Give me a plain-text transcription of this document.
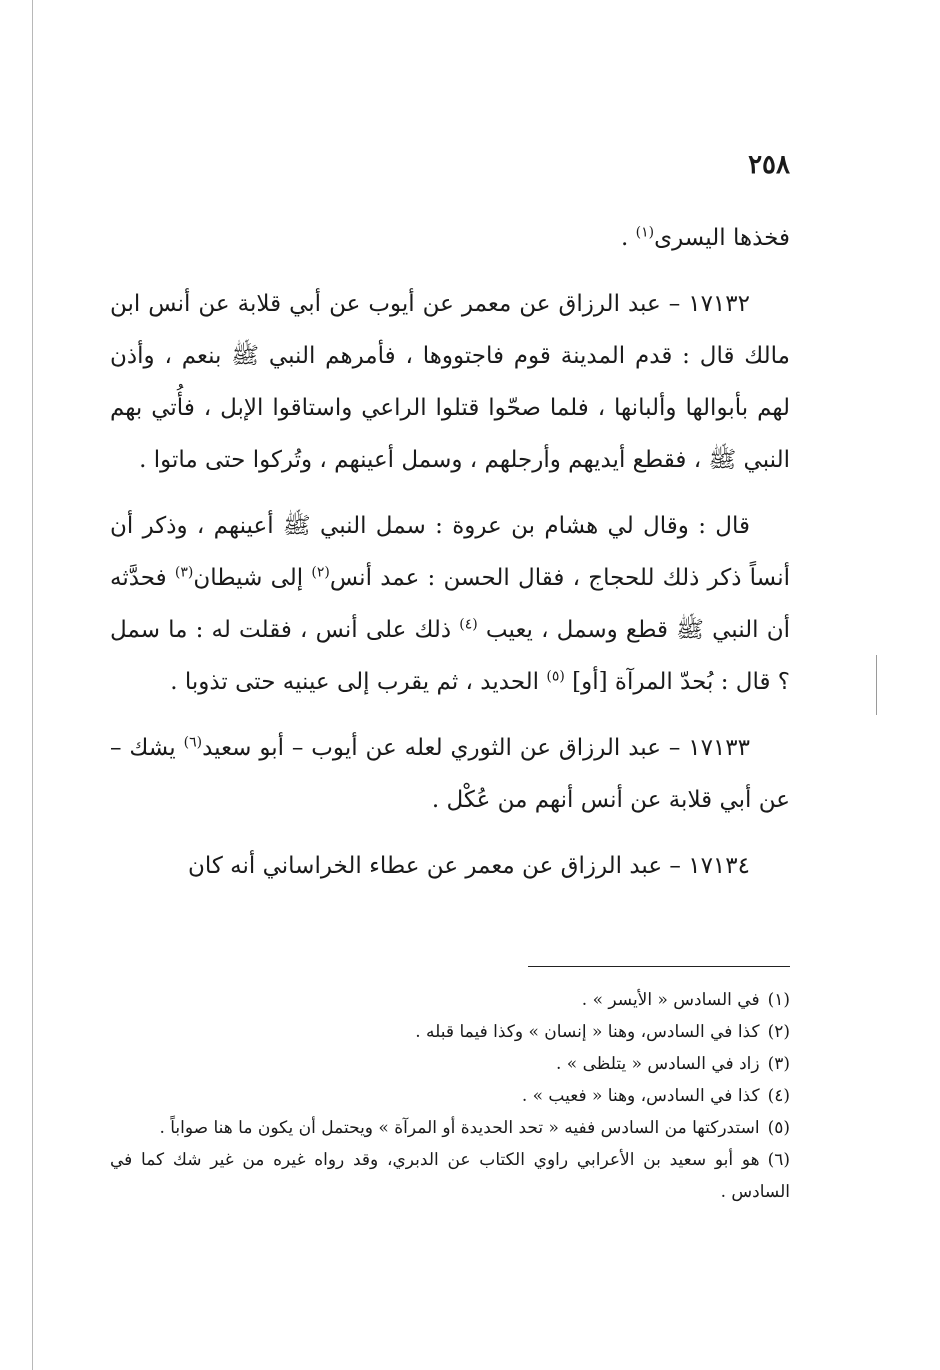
٢٥٨

فخذها اليسرى$^{(١)}$ .

١٧١٣٢ – عبد الرزاق عن معمر عن أيوب عن أبي قلابة عن أنس ابن مالك قال : قدم المدينة قوم فاجتووها ، فأمرهم النبي ﷺ بنعم ، وأذن لهم بأبوالها وألبانها ، فلما صحّوا قتلوا الراعي واستاقوا الإبل ، فأُتي بهم النبي ﷺ ، فقطع أيديهم وأرجلهم ، وسمل أعينهم ، وتُركوا حتى ماتوا .

قال : وقال لي هشام بن عروة : سمل النبي ﷺ أعينهم ، وذكر أن أنساً ذكر ذلك للحجاج ، فقال الحسن : عمد أنس$^{(٢)}$ إلى شيطان$^{(٣)}$ فحدَّثه أن النبي ﷺ قطع وسمل ، يعيب $^{(٤)}$ ذلك على أنس ، فقلت له : ما سمل ؟ قال : بُحدّ المرآة [أو] $^{(٥)}$ الحديد ، ثم يقرب إلى عينيه حتى تذوبا .

١٧١٣٣ – عبد الرزاق عن الثوري لعله عن أيوب – أبو سعيد$^{(٦)}$ يشك – عن أبي قلابة عن أنس أنهم من عُكْل .

١٧١٣٤ – عبد الرزاق عن معمر عن عطاء الخراساني أنه كان

(١)في السادس « الأيسر » .
(٢)كذا في السادس، وهنا « إنسان » وكذا فيما قبله .
(٣)زاد في السادس « يتلظى » .
(٤)كذا في السادس، وهنا « فعيب » .
(٥)استدركتها من السادس ففيه « تحد الحديدة أو المرآة » ويحتمل أن يكون ما هنا صواباً .
(٦)هو أبو سعيد بن الأعرابي راوي الكتاب عن الدبري، وقد رواه غيره من غير شك كما في السادس .
